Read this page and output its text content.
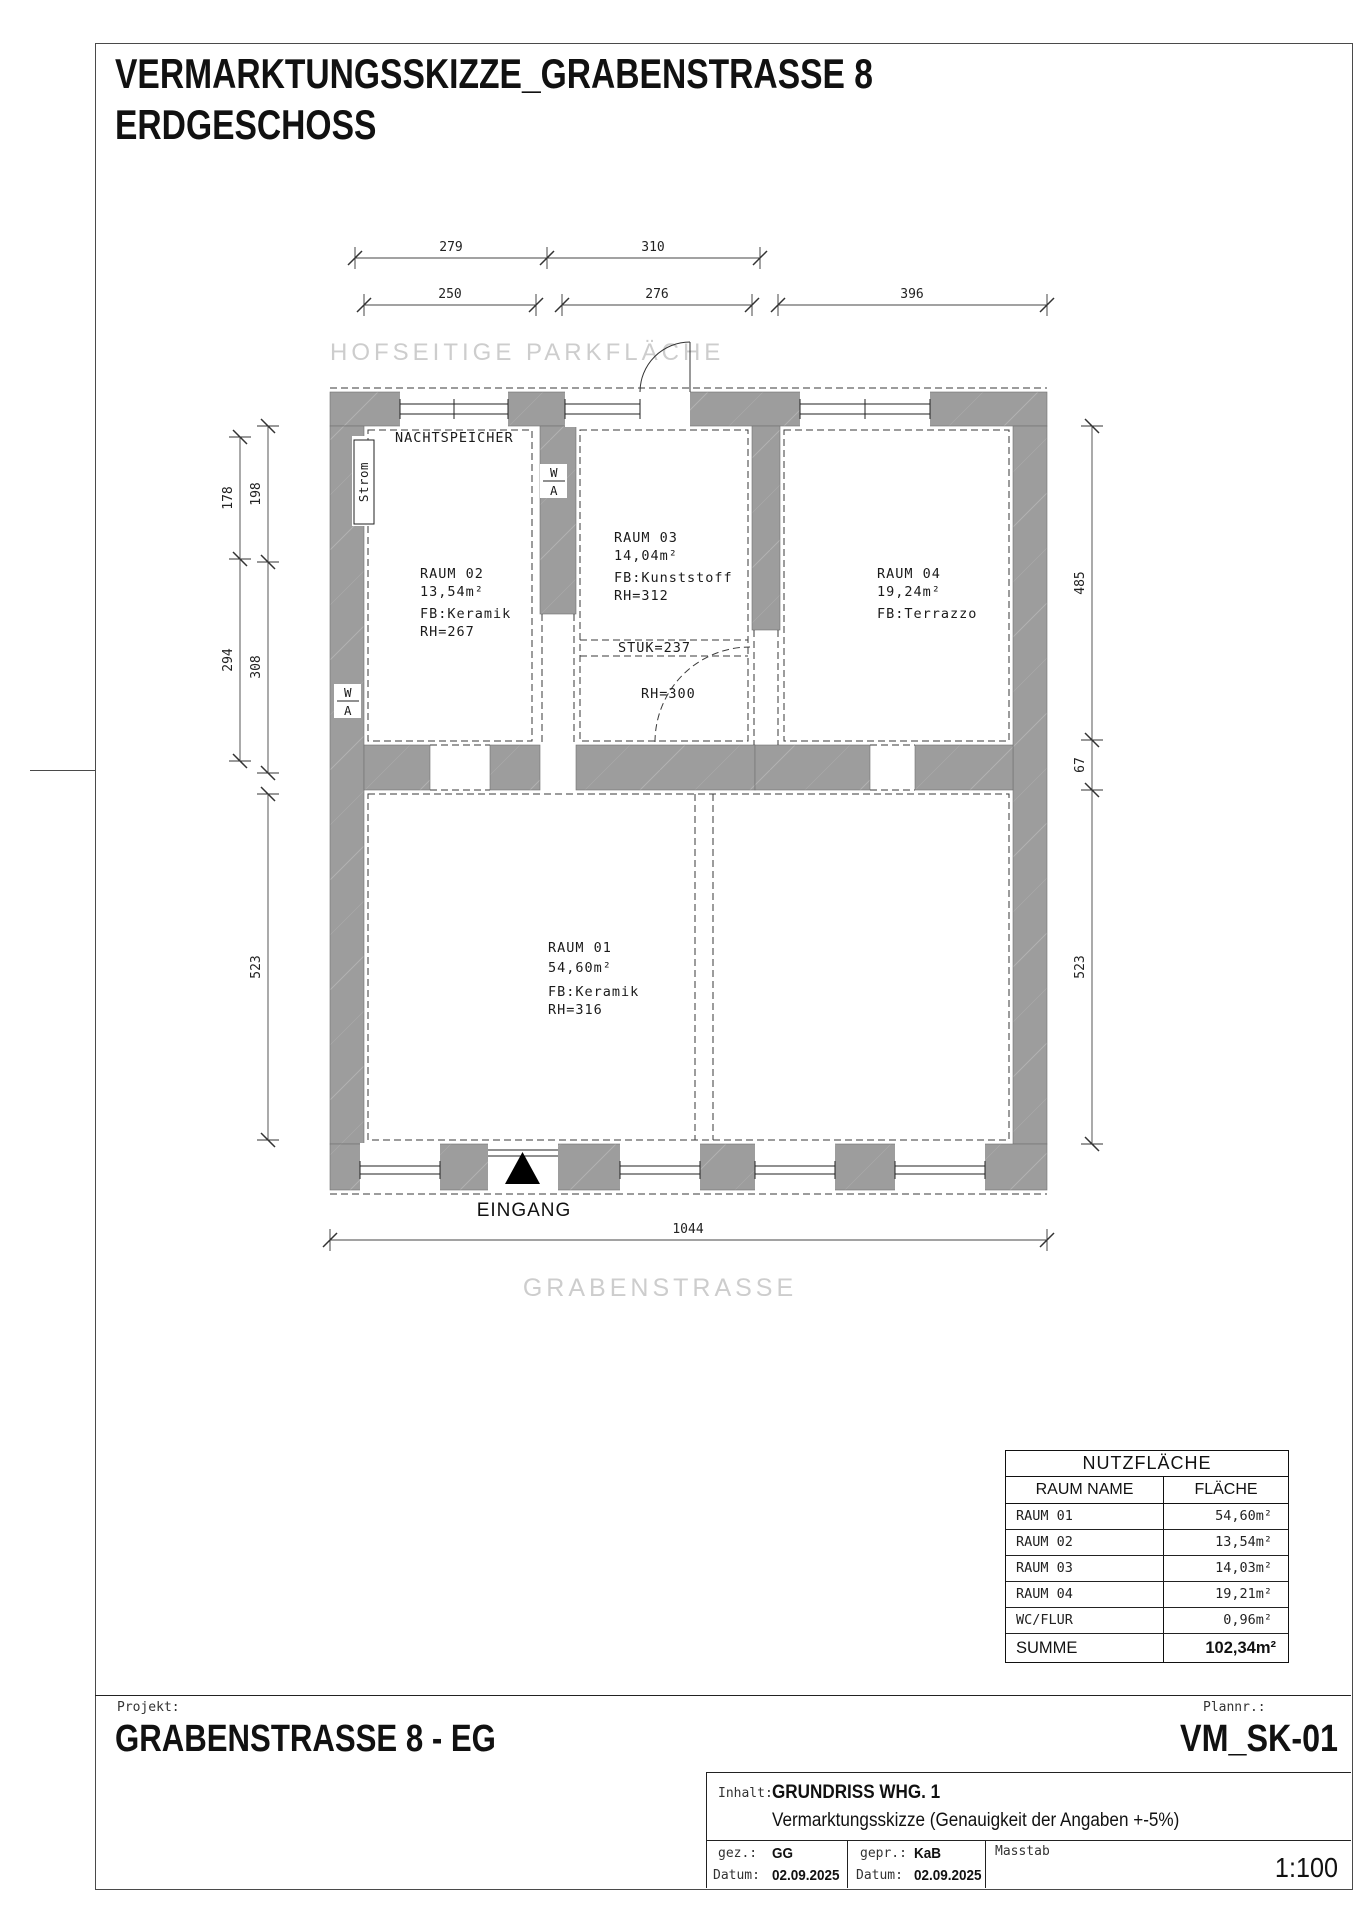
VERMARKTUNGSSKIZZE_GRABENSTRASSE 8
ERDGESCHOSS
HOFSEITIGE PARKFLÄCHE
GRABENSTRASSE
Strom	W
A
W
A
NACHTSPEICHER
STUK=237
RH=300
EINGANG
RAUM 02
13,54m²
FB:Keramik
RH=267
RAUM 03
14,04m²
FB:Kunststoff
RH=312
RAUM 04
19,24m²
FB:Terrazzo
RAUM 01
54,60m²
FB:Keramik
RH=316
279	310
250	276	396
178
294
198
308
523
485
67
523
1044
NUTZFLÄCHE
RAUM NAME	FLÄCHE
RAUM 01	54,60m²
RAUM 02	13,54m²
RAUM 03	14,03m²
RAUM 04	19,21m²
WC/FLUR	0,96m²
SUMME	102,34m²
Projekt:
GRABENSTRASSE 8 - EG
Plannr.:
VM_SK-01
Inhalt: GRUNDRISS WHG. 1
Vermarktungsskizze (Genauigkeit der Angaben +-5%)
gez.: GG
Datum: 02.09.2025
gepr.: KaB
Datum: 02.09.2025
Masstab
1:100
